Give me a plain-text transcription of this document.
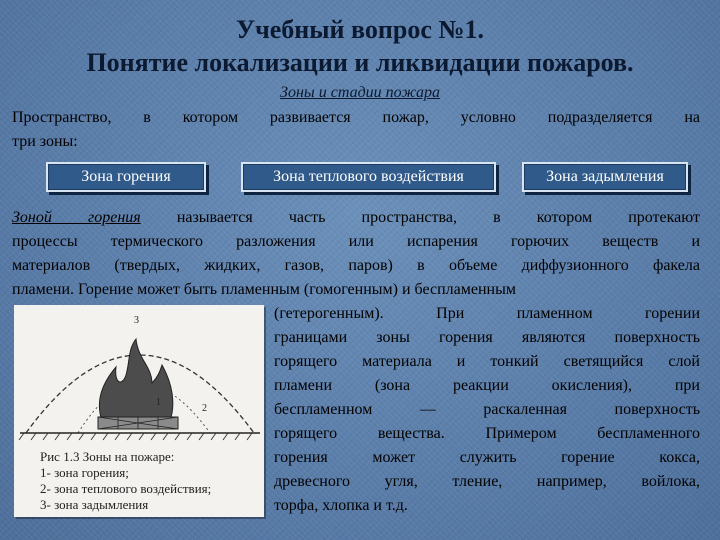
Учебный вопрос №1.
Понятие локализации и ликвидации пожаров.
Зоны и стадии пожара
Пространство, в котором развивается пожар, условно подразделяется на
три зоны:
Зона горения	Зона теплового воздействия	Зона задымления
Зоной горения называется часть пространства, в котором протекают
процессы термического разложения или испарения горючих веществ и
материалов (твердых, жидких, газов, паров) в объеме диффузионного факела
пламени. Горение может быть пламенным (гомогенным) и беспламенным
(гетерогенным). При пламенном горении
границами зоны горения являются поверхность
горящего материала и тонкий светящийся слой
пламени (зона реакции окисления), при
беспламенном — раскаленная поверхность
горящего вещества. Примером беспламенного
горения может служить горение кокса,
древесного угля, тление, например, войлока,
торфа, хлопка и т.д.
3
2
1
Рис 1.3 Зоны на пожаре:
1- зона горения;
2- зона теплового воздействия;
3- зона задымления
